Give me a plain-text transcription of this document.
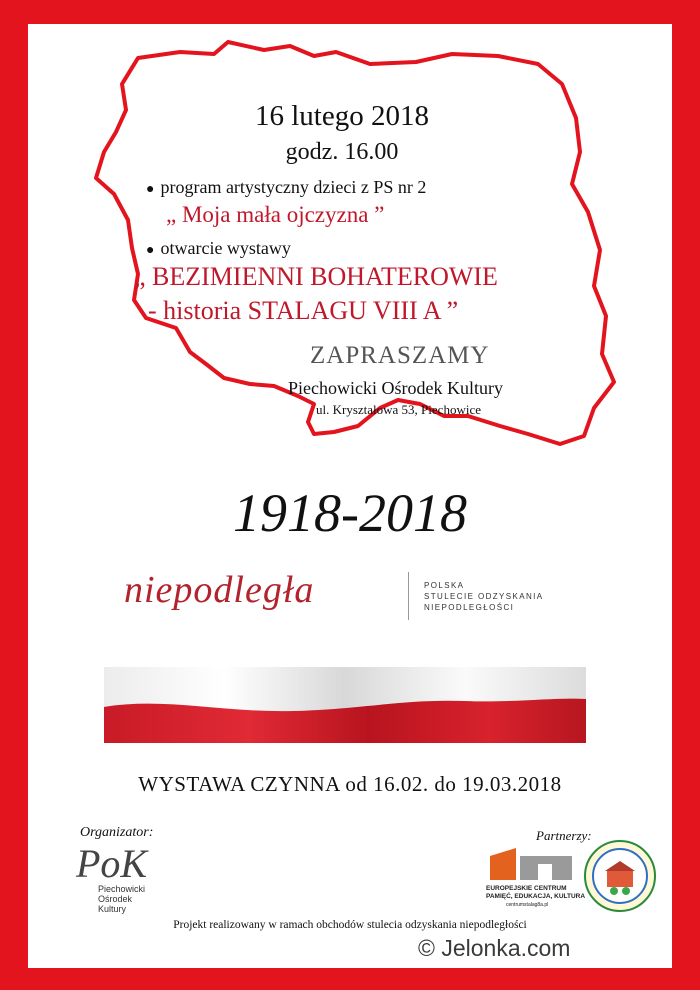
16 lutego 2018
godz. 16.00
● program artystyczny dzieci z PS nr 2
„ Moja mała ojczyzna ”
● otwarcie wystawy
„ BEZIMIENNI BOHATEROWIE
- historia STALAGU VIII A ”
ZAPRASZAMY
Piechowicki Ośrodek Kultury
ul. Kryształowa 53, Piechowice
1918-2018
niepodległa	POLSKA
STULECIE ODZYSKANIA
NIEPODLEGŁOŚCI
WYSTAWA CZYNNA od 16.02. do 19.03.2018
Organizator:
PoK
Piechowicki
Ośrodek
Kultury
Partnerzy:
EUROPEJSKIE CENTRUM
PAMIĘĆ, EDUKACJA, KULTURA
centrumstalag8a.pl
Projekt realizowany w ramach obchodów stulecia odzyskania niepodległości
© Jelonka.com
